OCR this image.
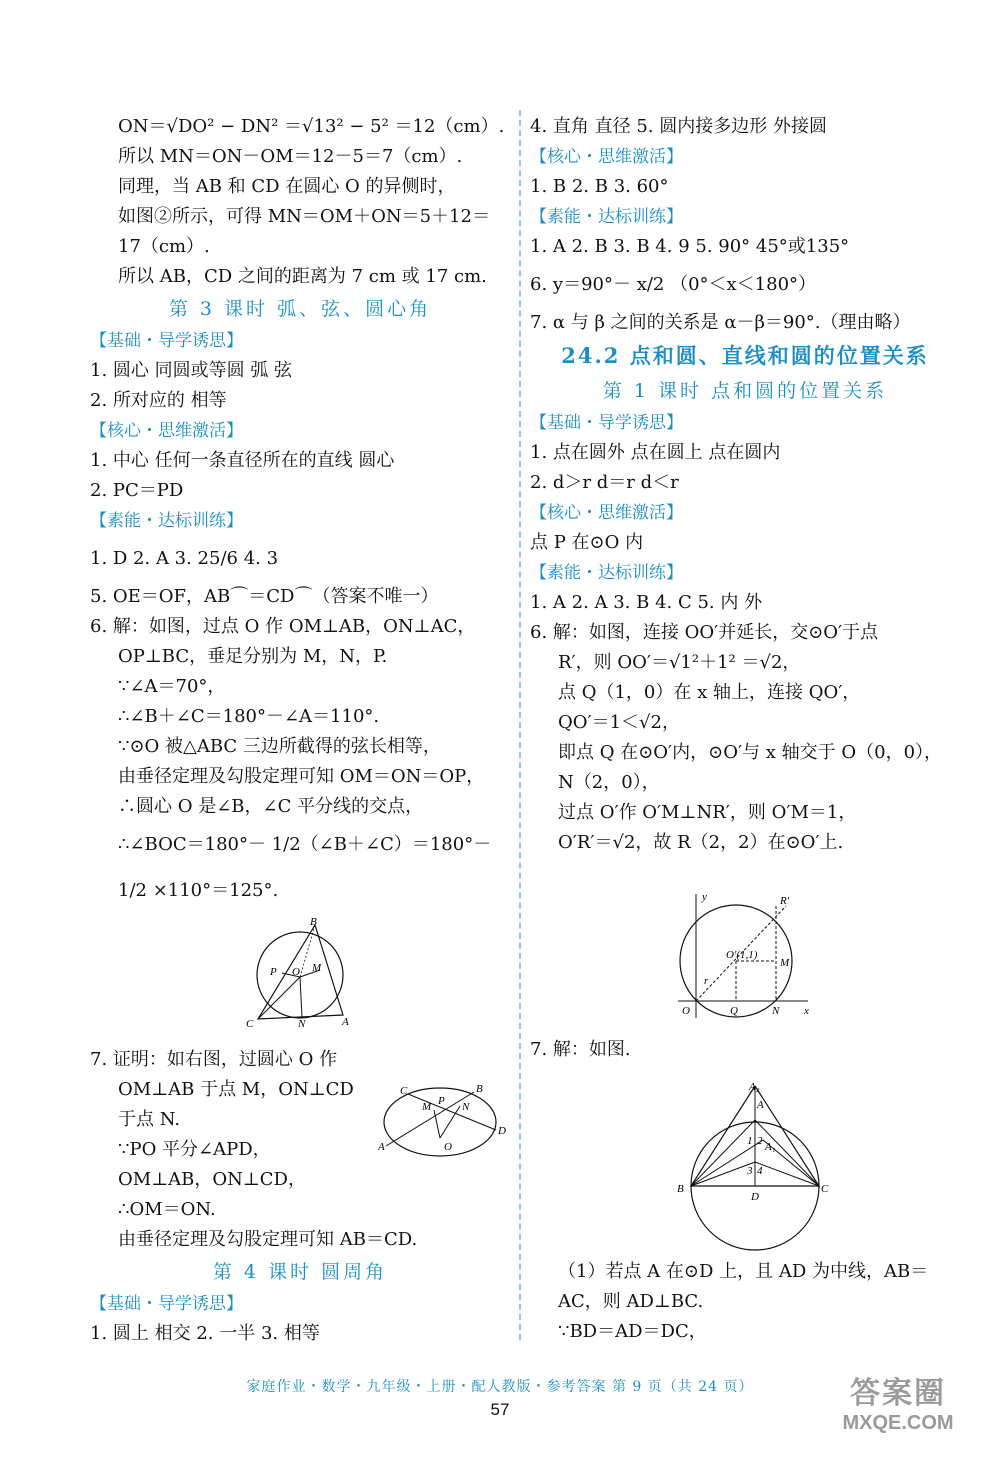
ON＝√DO² − DN² ＝√13² − 5² ＝12（cm）.
所以 MN＝ON－OM＝12－5＝7（cm）.
同理，当 AB 和 CD 在圆心 O 的异侧时，
如图②所示，可得 MN＝OM＋ON＝5＋12＝
17（cm）.
所以 AB，CD 之间的距离为 7 cm 或 17 cm.
第 3 课时 弧、弦、圆心角
【基础・导学诱思】
1. 圆心 同圆或等圆 弧 弦
2. 所对应的 相等
【核心・思维激活】
1. 中心 任何一条直径所在的直线 圆心
2. PC＝PD
【素能・达标训练】
1. D 2. A 3. 25/6 4. 3
5. OE＝OF，AB⌒＝CD⌒（答案不唯一）
6. 解：如图，过点 O 作 OM⊥AB，ON⊥AC，
OP⊥BC，垂足分别为 M，N，P.
∵∠A＝70°，
∴∠B＋∠C＝180°－∠A＝110°.
∵⊙O 被△ABC 三边所截得的弦长相等，
由垂径定理及勾股定理可知 OM＝ON＝OP，
∴圆心 O 是∠B，∠C 平分线的交点，
∴∠BOC＝180°－ 1/2（∠B＋∠C）＝180°－
1/2 ×110°＝125°.
7. 证明：如右图，过圆心 O 作
OM⊥AB 于点 M，ON⊥CD
于点 N.
∵PO 平分∠APD，
OM⊥AB，ON⊥CD，
∴OM＝ON.
由垂径定理及勾股定理可知 AB＝CD.
第 4 课时 圆周角
【基础・导学诱思】
1. 圆上 相交 2. 一半 3. 相等
B
P O M
C	N	A
B
C
M	N
A	O
P
D
4. 直角 直径 5. 圆内接多边形 外接圆
【核心・思维激活】
1. B 2. B 3. 60°
【素能・达标训练】
1. A 2. B 3. B 4. 9 5. 90° 45°或135°
6. y＝90°－ x/2 （0°＜x＜180°）
7. α 与 β 之间的关系是 α－β＝90°.（理由略）
24.2 点和圆、直线和圆的位置关系
第 1 课时 点和圆的位置关系
【基础・导学诱思】
1. 点在圆外 点在圆上 点在圆内
2. d＞r d＝r d＜r
【核心・思维激活】
点 P 在⊙O 内
【素能・达标训练】
1. A 2. A 3. B 4. C 5. 内 外
6. 解：如图，连接 OO′并延长，交⊙O′于点
R′，则 OO′＝√1²＋1² ＝√2，
点 Q（1，0）在 x 轴上，连接 QO′，
QO′＝1＜√2，
即点 Q 在⊙O′内，⊙O′与 x 轴交于 O（0，0），
N（2，0），
过点 O′作 O′M⊥NR′，则 O′M＝1，
O′R′＝√2，故 R（2，2）在⊙O′上.
7. 解：如图.
（1）若点 A 在⊙D 上，且 AD 为中线，AB＝
AC，则 AD⊥BC.
∵BD＝AD＝DC，
y	R′
O′(1,1)
M
r
O	Q	N x
A₂
A
1 2 A₁
3 4
B
D
C
家庭作业・数学・九年级・上册・配人教版・参考答案 第 9 页（共 24 页）
57	答案圈
MXQE.COM
